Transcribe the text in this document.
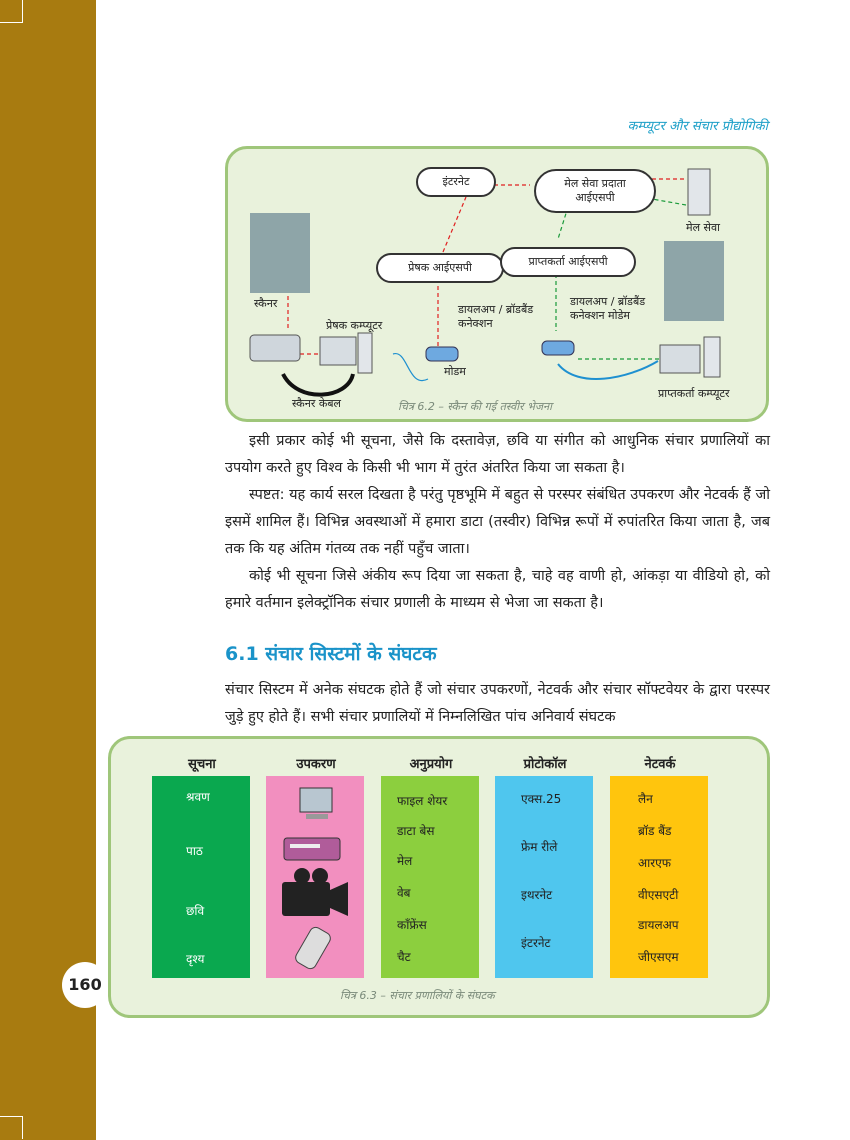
कम्प्यूटर और संचार प्रौद्योगिकी
इंटरनेट	मेल सेवा प्रदाता आईएसपी
प्रेषक आईएसपी	प्राप्तकर्ता आईएसपी
मेल सेवा
स्कैनर
प्रेषक कम्प्यूटर
डायलअप / ब्रॉडबैंड कनेक्शन
डायलअप / ब्रॉडबैंड कनेक्शन मोडेम
मोडम
स्कैनर केबल
प्राप्तकर्ता कम्प्यूटर
चित्र 6.2 – स्कैन की गई तस्वीर भेजना

इसी प्रकार कोई भी सूचना, जैसे कि दस्तावेज़, छवि या संगीत को आधुनिक संचार प्रणालियों का उपयोग करते हुए विश्व के किसी भी भाग में तुरंत अंतरित किया जा सकता है।

स्पष्टत: यह कार्य सरल दिखता है परंतु पृष्ठभूमि में बहुत से परस्पर संबंधित उपकरण और नेटवर्क हैं जो इसमें शामिल हैं। विभिन्न अवस्थाओं में हमारा डाटा (तस्वीर) विभिन्न रूपों में रुपांतरित किया जाता है, जब तक कि यह अंतिम गंतव्य तक नहीं पहुँच जाता।

कोई भी सूचना जिसे अंकीय रूप दिया जा सकता है, चाहे वह वाणी हो, आंकड़ा या वीडियो हो, को हमारे वर्तमान इलेक्ट्रॉनिक संचार प्रणाली के माध्यम से भेजा जा सकता है।

6.1 संचार सिस्टमों के संघटक

संचार सिस्टम में अनेक संघटक होते हैं जो संचार उपकरणों, नेटवर्क और संचार सॉफ्टवेयर के द्वारा परस्पर जुड़े हुए होते हैं। सभी संचार प्रणालियों में निम्नलिखित पांच अनिवार्य संघटक

सूचना	उपकरण	अनुप्रयोग	प्रोटोकॉल	नेटवर्क
श्रवण
पाठ
छवि
दृश्य
फाइल शेयर
डाटा बेस
मेल
वेब
कॉंफ्रेंस
चैट
एक्स.25
फ्रेम रीले
इथरनेट
इंटरनेट
लैन
ब्रॉड बैंड
आरएफ
वीएसएटी
डायलअप
जीएसएम
चित्र 6.3 – संचार प्रणालियों के संघटक
160
